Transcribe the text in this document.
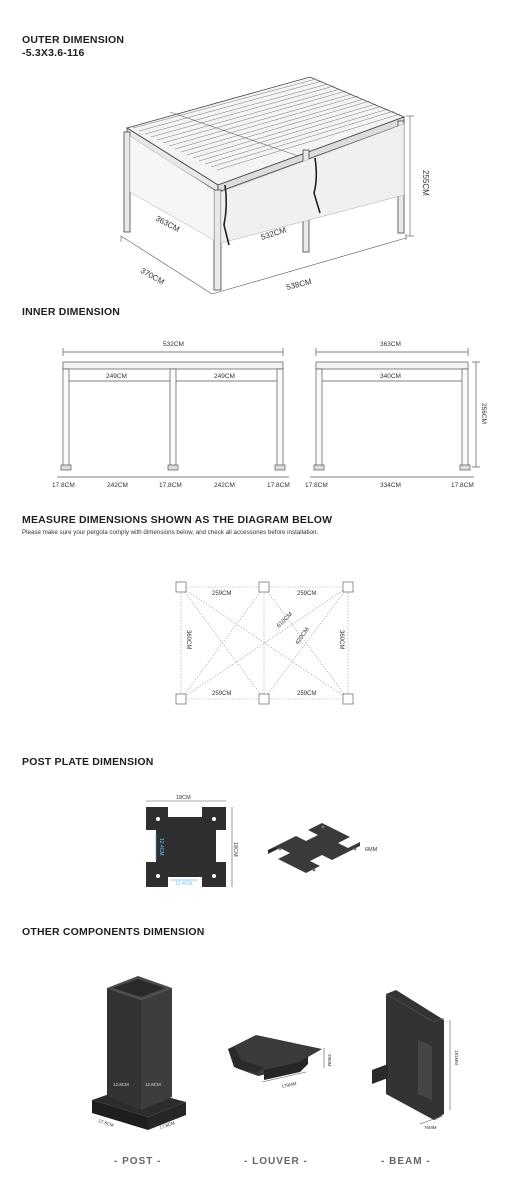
OUTER DIMENSION
-5.3X3.6-116
INNER DIMENSION
MEASURE DIMENSIONS SHOWN AS THE DIAGRAM BELOW
Please make sure your pergola comply with dimensions below, and check all accessories before installation.
POST PLATE DIMENSION
OTHER COMPONENTS DIMENSION
255CM
363CM	532CM
370CM	538CM
532CM
249CM	249CM
17.8CM	242CM	17.8CM	242CM	17.8CM
363CM
340CM
256CM
17.8CM	334CM	17.8CM
259CM	259CM
259CM	259CM
360CM	360CM
610CM
420CM
18CM
18CM
12.4CM
12.4CM
6MM
12.8CM	12.8CM
17.8CM	17.8CM
179MM
29MM	181MM
76MM
- POST -	- LOUVER -	- BEAM -
